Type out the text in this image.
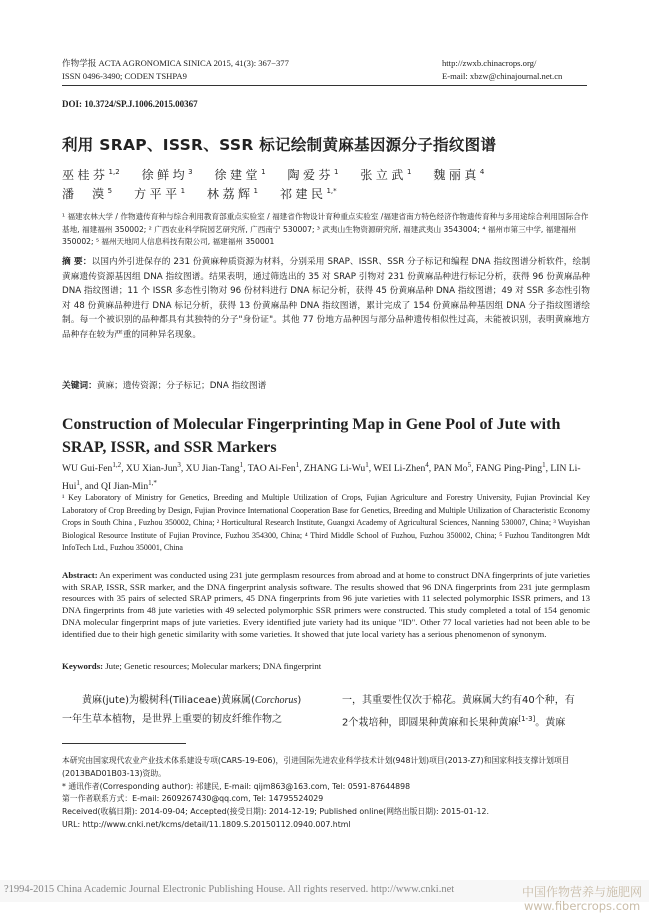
作物学报 ACTA AGRONOMICA SINICA 2015, 41(3): 367−377
ISSN 0496-3490; CODEN TSHPA9
http://zwxb.chinacrops.org/
E-mail: xbzw@chinajournal.net.cn
DOI: 10.3724/SP.J.1006.2015.00367
利用 SRAP、ISSR、SSR 标记绘制黄麻基因源分子指纹图谱
巫桂芬$^{1,2}$ 徐鲜均$^3$ 徐建堂$^1$ 陶爱芬$^1$ 张立武$^1$ 魏丽真$^4$
潘  漠$^5$ 方平平$^1$ 林荔辉$^1$ 祁建民$^{1,*}$
¹ 福建农林大学 / 作物遗传育种与综合利用教育部重点实验室 / 福建省作物设计育种重点实验室 /福建省南方特色经济作物遗传育种与多用途综合利用国际合作基地, 福建福州 350002; ² 广西农业科学院园艺研究所, 广西南宁 530007; ³ 武夷山生物资源研究所, 福建武夷山 3543004; ⁴ 福州市第三中学, 福建福州 350002; ⁵ 福州天地同人信息科技有限公司, 福建福州 350001
摘 要：以国内外引进保存的 231 份黄麻种质资源为材料，分别采用 SRAP、ISSR、SSR 分子标记和编程 DNA 指纹图谱分析软件，绘制黄麻遗传资源基因组 DNA 指纹图谱。结果表明，通过筛选出的 35 对 SRAP 引物对 231 份黄麻品种进行标记分析，获得 96 份黄麻品种 DNA 指纹图谱；11 个 ISSR 多态性引物对 96 份材料进行 DNA 标记分析，获得 45 份黄麻品种 DNA 指纹图谱；49 对 SSR 多态性引物对 48 份黄麻品种进行 DNA 标记分析，获得 13 份黄麻品种 DNA 指纹图谱，累计完成了 154 份黄麻品种基因组 DNA 分子指纹图谱绘制。每一个被识别的品种都具有其独特的分子"身份证"。其他 77 份地方品种因与部分品种遗传相似性过高，未能被识别，表明黄麻地方品种存在较为严重的同种异名现象。
关键词：黄麻；遗传资源；分子标记；DNA 指纹图谱
Construction of Molecular Fingerprinting Map in Gene Pool of Jute with SRAP, ISSR, and SSR Markers
WU Gui-Fen$^{1,2}$, XU Xian-Jun$^3$, XU Jian-Tang$^1$, TAO Ai-Fen$^1$, ZHANG Li-Wu$^1$, WEI Li-Zhen$^4$, PAN Mo$^5$, FANG Ping-Ping$^1$, LIN Li-Hui$^1$, and QI Jian-Min$^{1,*}$
¹ Key Laboratory of Ministry for Genetics, Breeding and Multiple Utilization of Crops, Fujian Agriculture and Forestry University, Fujian Provincial Key Laboratory of Crop Breeding by Design, Fujian Province International Cooperation Base for Genetics, Breeding and Multiple Utilization of Characteristic Economy Crops in South China , Fuzhou 350002, China; ² Horticultural Research Institute, Guangxi Academy of Agricultural Sciences, Nanning 530007, China; ³ Wuyishan Biological Resource Institute of Fujian Province, Fuzhou 354300, China; ⁴ Third Middle School of Fuzhou, Fuzhou 350002, China; ⁵ Fuzhou Tanditongren Mdt InfoTech Ltd., Fuzhou 350001, China
Abstract: An experiment was conducted using 231 jute germplasm resources from abroad and at home to construct DNA fingerprints of jute varieties with SRAP, ISSR, SSR marker, and the DNA fingerprint analysis software. The results showed that 96 DNA fingerprints from 231 jute germplasm resources with 35 pairs of selected SRAP primers, 45 DNA fingerprints from 96 jute varieties with 11 selected polymorphic ISSR primers, and 13 DNA fingerprints from 48 jute varieties with 49 selected polymorphic SSR primers were constructed. This study completed a total of 154 genomic DNA molecular fingerprint maps of jute varieties. Every identified jute variety had its unique "ID". Other 77 local varieties had not been able to be identified due to their high genetic similarity with some varieties. It showed that jute local variety has a serious phenomenon of synonym.
Keywords: Jute; Genetic resources; Molecular markers; DNA fingerprint
黄麻(jute)为椴树科(Tiliaceae)黄麻属(Corchorus)
一年生草本植物，是世界上重要的韧皮纤维作物之
一，其重要性仅次于棉花。黄麻属大约有40个种，有
2个栽培种，即圆果种黄麻和长果种黄麻[1-3]。黄麻
本研究由国家现代农业产业技术体系建设专项(CARS-19-E06)，引进国际先进农业科学技术计划(948计划)项目(2013-Z7)和国家科技支撑计划项目(2013BAD01B03-13)资助。
* 通讯作者(Corresponding author): 祁建民, E-mail: qijm863@163.com, Tel: 0591-87644898
第一作者联系方式：E-mail: 2609267430@qq.com, Tel: 14795524029
Received(收稿日期): 2014-09-04; Accepted(接受日期): 2014-12-19; Published online(网络出版日期): 2015-01-12.
URL: http://www.cnki.net/kcms/detail/11.1809.S.20150112.0940.007.html
?1994-2015 China Academic Journal Electronic Publishing House. All rights reserved. http://www.cnki.net	中国作物营养与施肥网
www.fibercrops.com
